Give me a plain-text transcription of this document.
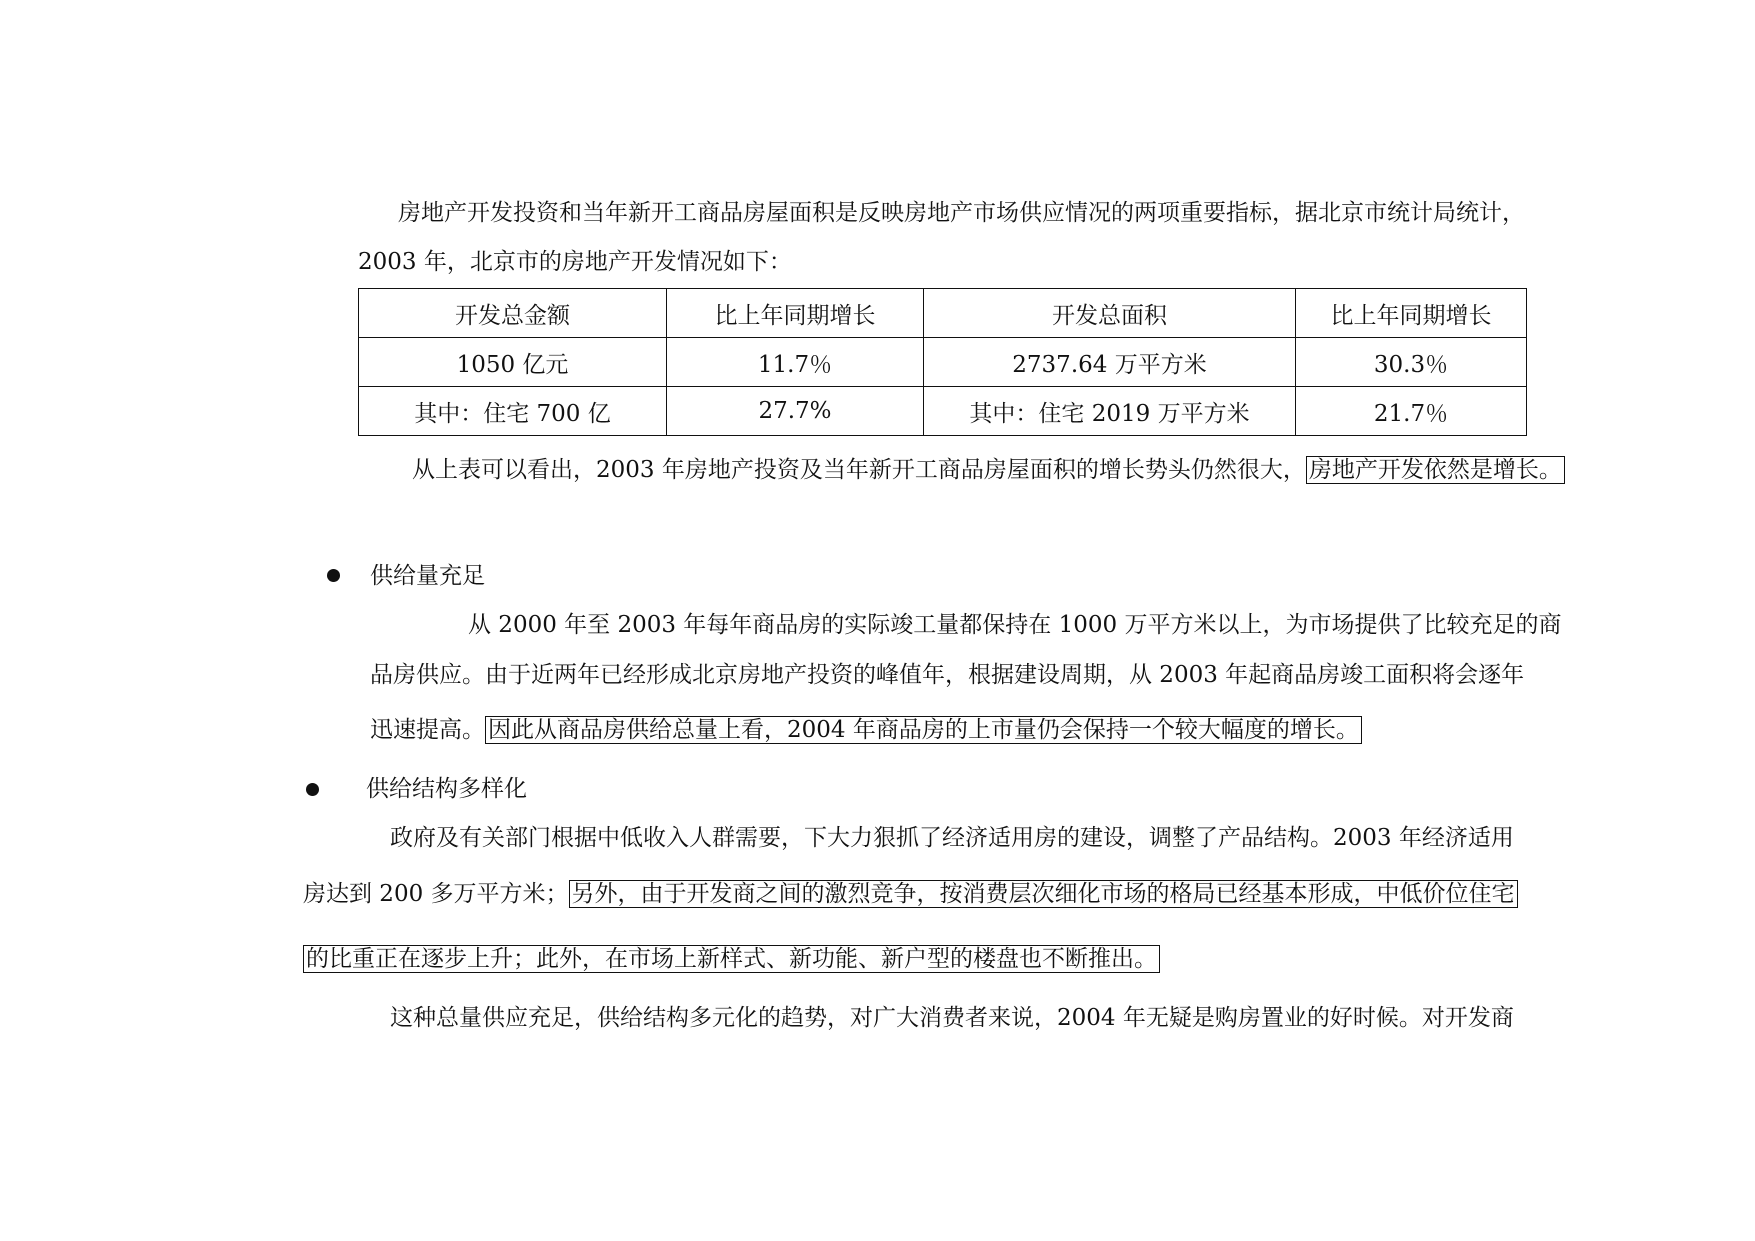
房地产开发投资和当年新开工商品房屋面积是反映房地产市场供应情况的两项重要指标，据北京市统计局统计，
2003 年，北京市的房地产开发情况如下：
开发总金额	比上年同期增长	开发总面积	比上年同期增长
1050 亿元	11.7％	2737.64 万平方米	30.3％
其中：住宅 700 亿	27.7%	其中：住宅 2019 万平方米	21.7％
从上表可以看出，2003 年房地产投资及当年新开工商品房屋面积的增长势头仍然很大， 房地产开发依然是增长。
供给量充足
从 2000 年至 2003 年每年商品房的实际竣工量都保持在 1000 万平方米以上，为市场提供了比较充足的商
品房供应。由于近两年已经形成北京房地产投资的峰值年，根据建设周期，从 2003 年起商品房竣工面积将会逐年
迅速提高。 因此从商品房供给总量上看，2004 年商品房的上市量仍会保持一个较大幅度的增长。
供给结构多样化
政府及有关部门根据中低收入人群需要，下大力狠抓了经济适用房的建设，调整了产品结构。2003 年经济适用
房达到 200 多万平方米； 另外，由于开发商之间的激烈竞争，按消费层次细化市场的格局已经基本形成，中低价位住宅
的比重正在逐步上升；此外，在市场上新样式、新功能、新户型的楼盘也不断推出。
这种总量供应充足，供给结构多元化的趋势，对广大消费者来说，2004 年无疑是购房置业的好时候。对开发商
